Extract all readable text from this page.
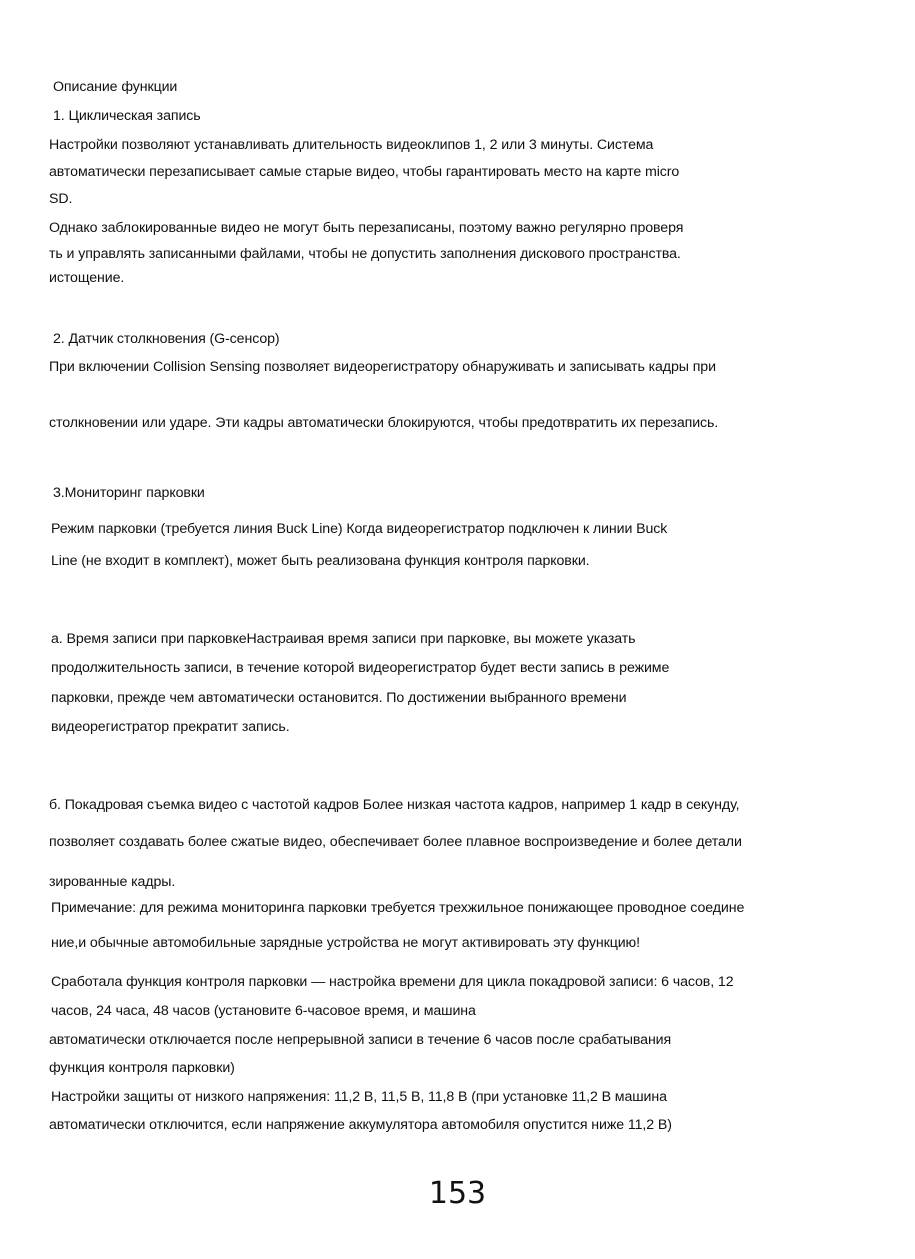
Описание функции
1. Циклическая запись
Настройки позволяют устанавливать длительность видеоклипов 1, 2 или 3 минуты. Система
автоматически перезаписывает самые старые видео, чтобы гарантировать место на карте micro
SD.
Однако заблокированные видео не могут быть перезаписаны, поэтому важно регулярно проверя
ть и управлять записанными файлами, чтобы не допустить заполнения дискового пространства.
истощение.
2. Датчик столкновения (G-сенсор)
При включении Collision Sensing позволяет видеорегистратору обнаруживать и записывать кадры при
столкновении или ударе. Эти кадры автоматически блокируются, чтобы предотвратить их перезапись.
3.Мониторинг парковки
Режим парковки (требуется линия Buck Line) Когда видеорегистратор подключен к линии Buck
Line (не входит в комплект), может быть реализована функция контроля парковки.
a. Время записи при парковкеНастраивая время записи при парковке, вы можете указать
продолжительность записи, в течение которой видеорегистратор будет вести запись в режиме
парковки, прежде чем автоматически остановится. По достижении выбранного времени
видеорегистратор прекратит запись.
б. Покадровая съемка видео с частотой кадров Более низкая частота кадров, например 1 кадр в секунду,
позволяет создавать более сжатые видео, обеспечивает более плавное воспроизведение и более детали
зированные кадры.
Примечание: для режима мониторинга парковки требуется трехжильное понижающее проводное соедине
ние,и обычные автомобильные зарядные устройства не могут активировать эту функцию!
Сработала функция контроля парковки — настройка времени для цикла покадровой записи: 6 часов, 12
часов, 24 часа, 48 часов (установите 6-часовое время, и машина
автоматически отключается после непрерывной записи в течение 6 часов после срабатывания
функция контроля парковки)
Настройки защиты от низкого напряжения: 11,2 В, 11,5 В, 11,8 В (при установке 11,2 В машина
автоматически отключится, если напряжение аккумулятора автомобиля опустится ниже 11,2 В)
153
